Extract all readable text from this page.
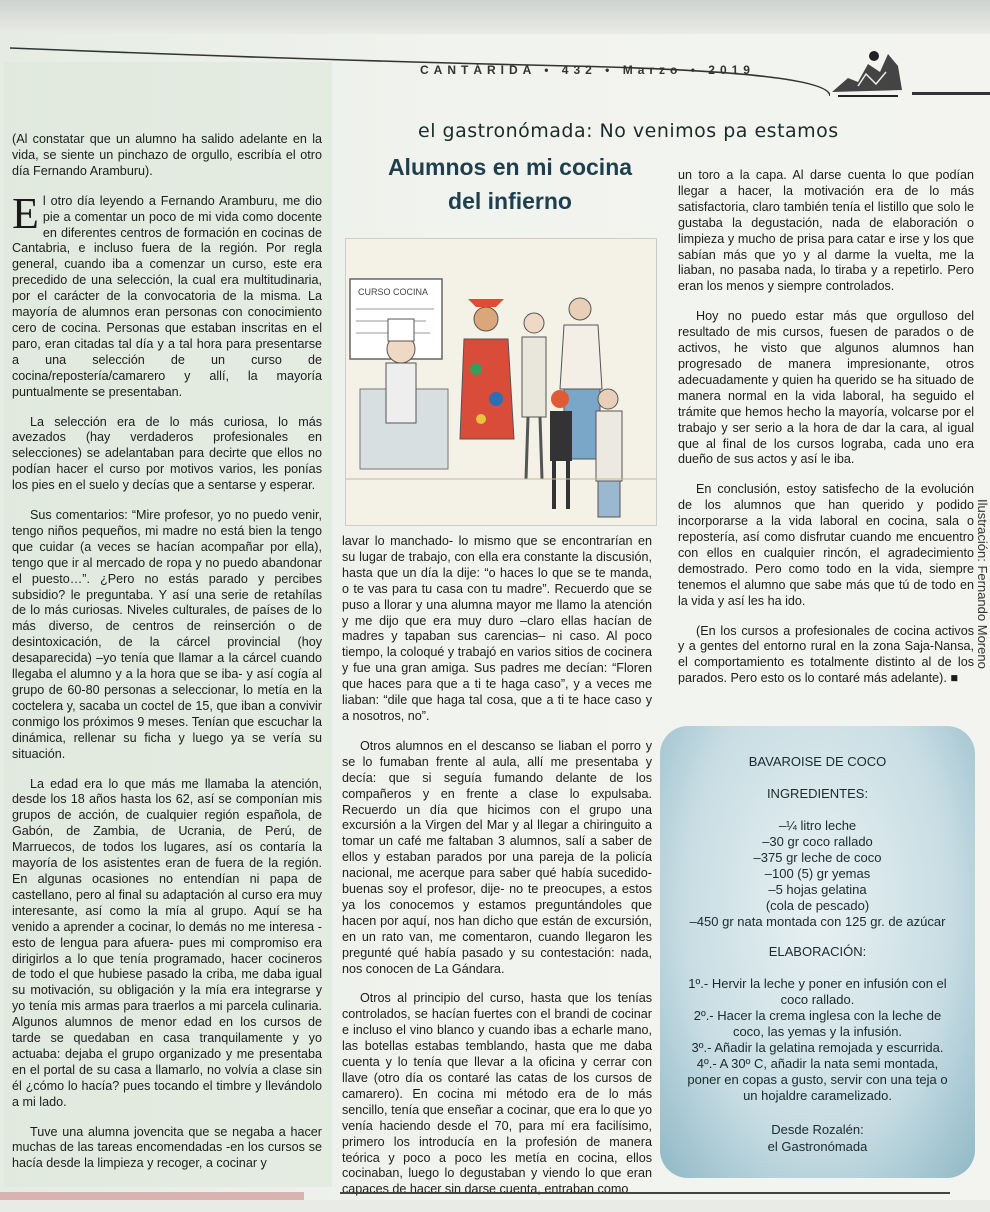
CANTÁRIDA • 432 • Marzo • 2019
el gastronómada: No venimos pa estamos

(Al constatar que un alumno ha salido adelante en la vida, se siente un pinchazo de orgullo, escribía el otro día Fernando Aramburu).

El otro día leyendo a Fernando Aramburu, me dio pie a comentar un poco de mi vida como docente en diferentes centros de formación en cocinas de Cantabria, e incluso fuera de la región. Por regla general, cuando iba a comenzar un curso, este era precedido de una selección, la cual era multitudinaria, por el carácter de la convocatoria de la misma. La mayoría de alumnos eran personas con conocimiento cero de cocina. Personas que estaban inscritas en el paro, eran citadas tal día y a tal hora para presentarse a una selección de un curso de cocina/repostería/camarero y allí, la mayoría puntualmente se presentaban.

La selección era de lo más curiosa, lo más avezados (hay verdaderos profesionales en selecciones) se adelantaban para decirte que ellos no podían hacer el curso por motivos varios, les ponías los pies en el suelo y decías que a sentarse y esperar.

Sus comentarios: “Mire profesor, yo no puedo venir, tengo niños pequeños, mi madre no está bien la tengo que cuidar (a veces se hacían acompañar por ella), tengo que ir al mercado de ropa y no puedo abandonar el puesto…”. ¿Pero no estás parado y percibes subsidio? le preguntaba. Y así una serie de retahílas de lo más curiosas. Niveles culturales, de países de lo más diverso, de centros de reinserción o de desintoxicación, de la cárcel provincial (hoy desaparecida) –yo tenía que llamar a la cárcel cuando llegaba el alumno y a la hora que se iba- y así cogía al grupo de 60-80 personas a seleccionar, lo metía en la coctelera y, sacaba un coctel de 15, que iban a convivir conmigo los próximos 9 meses. Tenían que escuchar la dinámica, rellenar su ficha y luego ya se vería su situación.

La edad era lo que más me llamaba la atención, desde los 18 años hasta los 62, así se componían mis grupos de acción, de cualquier región española, de Gabón, de Zambia, de Ucrania, de Perú, de Marruecos, de todos los lugares, así os contaría la mayoría de los asistentes eran de fuera de la región. En algunas ocasiones no entendían ni papa de castellano, pero al final su adaptación al curso era muy interesante, así como la mía al grupo. Aquí se ha venido a aprender a cocinar, lo demás no me interesa -esto de lengua para afuera- pues mi compromiso era dirigirlos a lo que tenía programado, hacer cocineros de todo el que hubiese pasado la criba, me daba igual su motivación, su obligación y la mía era integrarse y yo tenía mis armas para traerlos a mi parcela culinaria. Algunos alumnos de menor edad en los cursos de tarde se quedaban en casa tranquilamente y yo actuaba: dejaba el grupo organizado y me presentaba en el portal de su casa a llamarlo, no volvía a clase sin él ¿cómo lo hacía? pues tocando el timbre y llevándolo a mi lado.

Tuve una alumna jovencita que se negaba a hacer muchas de las tareas encomendadas -en los cursos se hacía desde la limpieza y recoger, a cocinar y

Alumnos en mi cocina
del infierno
CURSO COCINA
Ilustración: Fernando Moreno

lavar lo manchado- lo mismo que se encontrarían en su lugar de trabajo, con ella era constante la discusión, hasta que un día la dije: “o haces lo que se te manda, o te vas para tu casa con tu madre”. Recuerdo que se puso a llorar y una alumna mayor me llamo la atención y me dijo que era muy duro –claro ellas hacían de madres y tapaban sus carencias– ni caso. Al poco tiempo, la coloqué y trabajó en varios sitios de cocinera y fue una gran amiga. Sus padres me decían: “Floren que haces para que a ti te haga caso”, y a veces me liaban: “dile que haga tal cosa, que a ti te hace caso y a nosotros, no”.

Otros alumnos en el descanso se liaban el porro y se lo fumaban frente al aula, allí me presentaba y decía: que si seguía fumando delante de los compañeros y en frente a clase lo expulsaba. Recuerdo un día que hicimos con el grupo una excursión a la Virgen del Mar y al llegar a chiringuito a tomar un café me faltaban 3 alumnos, salí a saber de ellos y estaban parados por una pareja de la policía nacional, me acerque para saber qué había sucedido- buenas soy el profesor, dije- no te preocupes, a estos ya los conocemos y estamos preguntándoles que hacen por aquí, nos han dicho que están de excursión, en un rato van, me comentaron, cuando llegaron les pregunté qué había pasado y su contestación: nada, nos conocen de La Gándara.

Otros al principio del curso, hasta que los tenías controlados, se hacían fuertes con el brandi de cocinar e incluso el vino blanco y cuando ibas a echarle mano, las botellas estabas temblando, hasta que me daba cuenta y lo tenía que llevar a la oficina y cerrar con llave (otro día os contaré las catas de los cursos de camarero). En cocina mi método era de lo más sencillo, tenía que enseñar a cocinar, que era lo que yo venía haciendo desde el 70, para mí era facilísimo, primero los introducía en la profesión de manera teórica y poco a poco les metía en cocina, ellos cocinaban, luego lo degustaban y viendo lo que eran capaces de hacer sin darse cuenta, entraban como

un toro a la capa. Al darse cuenta lo que podían llegar a hacer, la motivación era de lo más satisfactoria, claro también tenía el listillo que solo le gustaba la degustación, nada de elaboración o limpieza y mucho de prisa para catar e irse y los que sabían más que yo y al darme la vuelta, me la liaban, no pasaba nada, lo tiraba y a repetirlo. Pero eran los menos y siempre controlados.

Hoy no puedo estar más que orgulloso del resultado de mis cursos, fuesen de parados o de activos, he visto que algunos alumnos han progresado de manera impresionante, otros adecuadamente y quien ha querido se ha situado de manera normal en la vida laboral, ha seguido el trámite que hemos hecho la mayoría, volcarse por el trabajo y ser serio a la hora de dar la cara, al igual que al final de los cursos lograba, cada uno era dueño de sus actos y así le iba.

En conclusión, estoy satisfecho de la evolución de los alumnos que han querido y podido incorporarse a la vida laboral en cocina, sala o repostería, así como disfrutar cuando me encuentro con ellos en cualquier rincón, el agradecimiento demostrado. Pero como todo en la vida, siempre tenemos el alumno que sabe más que tú de todo en la vida y así les ha ido.

(En los cursos a profesionales de cocina activos y a gentes del entorno rural en la zona Saja-Nansa, el comportamiento es totalmente distinto al de los parados. Pero esto os lo contaré más adelante). ■

BAVAROISE DE COCO
INGREDIENTES:
–¼ litro leche
–30 gr coco rallado
–375 gr leche de coco
–100 (5) gr yemas
–5 hojas gelatina
(cola de pescado)
–450 gr nata montada con 125 gr. de azúcar
ELABORACIÓN:
1º.- Hervir la leche y poner en infusión con el coco rallado.
2º.- Hacer la crema inglesa con la leche de coco, las yemas y la infusión.
3º.- Añadir la gelatina remojada y escurrida.
4º.- A 30º C, añadir la nata semi montada, poner en copas a gusto, servir con una teja o un hojaldre caramelizado.
Desde Rozalén:
el Gastronómada
